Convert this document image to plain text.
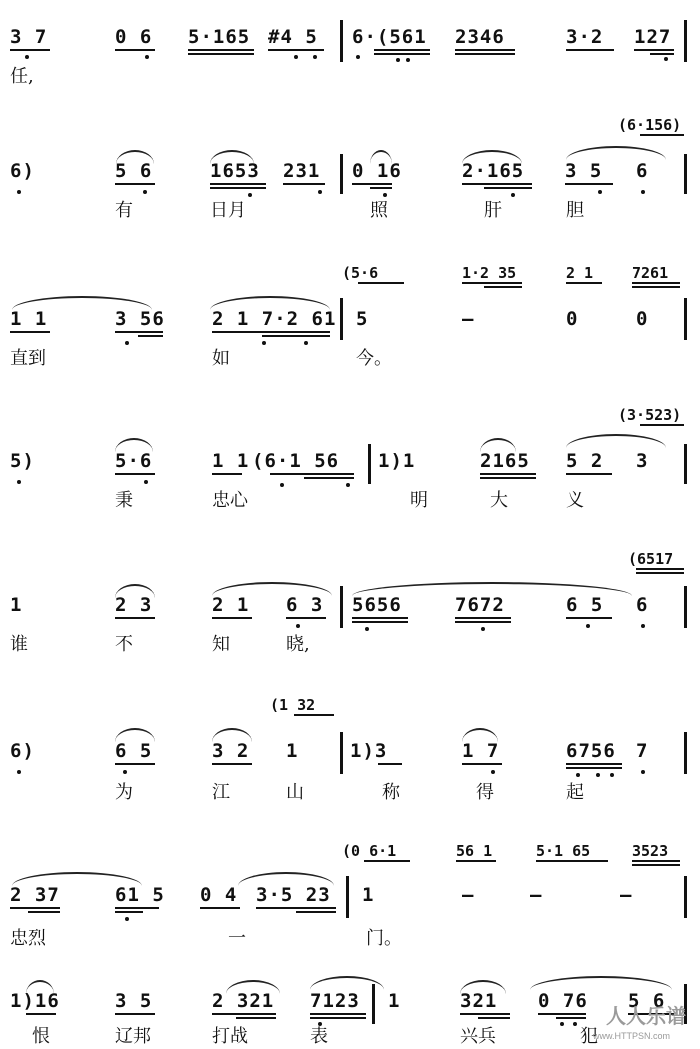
3 7	0 6 5·165 #4 5 6·(561 2346	3·2 127
任,
(6·156)
6)	5 6	1653 231 0 16	2·165 3 5 6
有	日月	照	肝	胆
(5·6	1·2 35	2 1	7261
1 1	3 56 2 1 7·2 61 5	—	0	0
直到	如	今。
(3·523)
5)	5·6	1 1 (6·1 56 1)1	2165 5 2 3
秉	忠心	明	大	义
(6517
1	2 3	2 1 6 3 5656	7672	6 5 6
谁	不	知	晓,
(1 32
6)	6 5	3 2 1	1)3	1 7	6756 7
为	江	山	称	得	起
(0 6·1	56 1	5·1 65	3523
2 37	61 5 0 4 3·5 23 1	—	—	—
忠烈	一	门。
1)16	3 5	2 321 7123 1	321 0 76 5 6
恨	辽邦	打战	表	兴兵	犯
人人乐谱
www.HTTPSN.com
